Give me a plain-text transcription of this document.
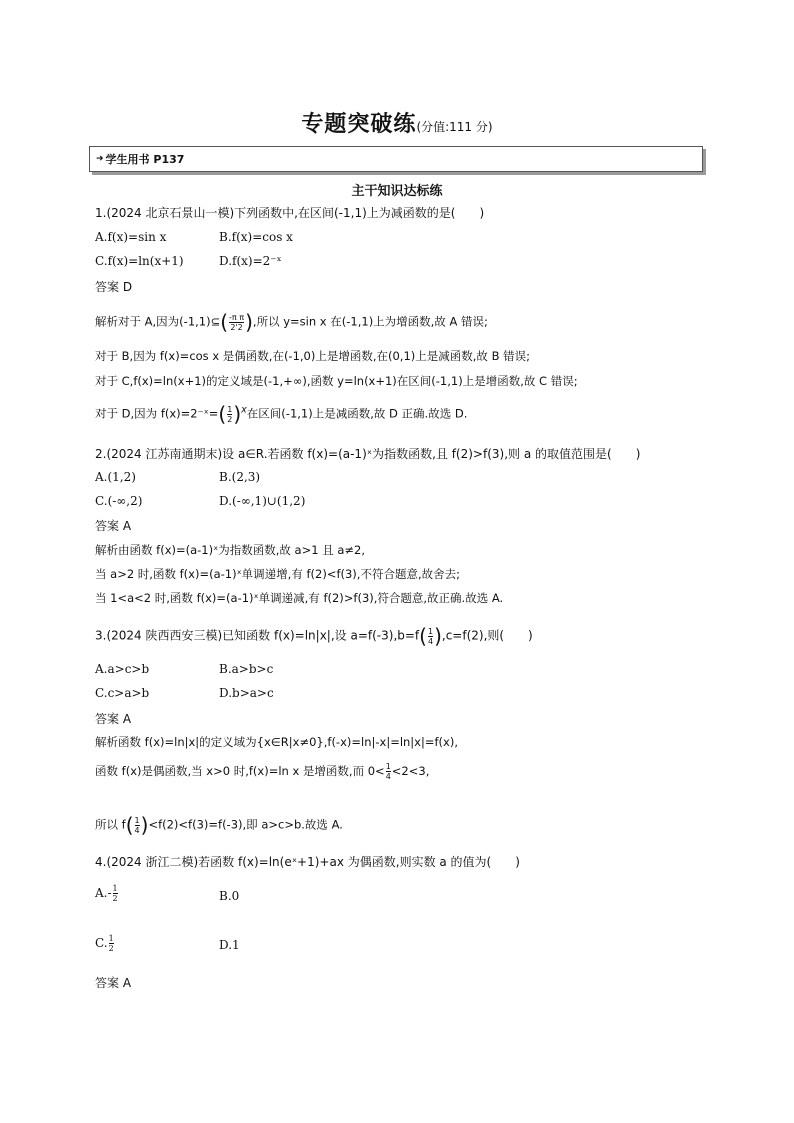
专题突破练(分值:111 分)
➜ 学生用书 P137
主干知识达标练
1.(2024 北京石景山一模)下列函数中,在区间(-1,1)上为减函数的是(　　)
A.f(x)=sin x	B.f(x)=cos x
C.f(x)=ln(x+1)	D.f(x)=2⁻ˣ
答案 D
解析对于 A,因为(-1,1)⊆( $\frac{\text{-π π}}{2'2}$ ),所以 y=sin x 在(-1,1)上为增函数,故 A 错误;
对于 B,因为 f(x)=cos x 是偶函数,在(-1,0)上是增函数,在(0,1)上是减函数,故 B 错误;
对于 C,f(x)=ln(x+1)的定义域是(-1,+∞),函数 y=ln(x+1)在区间(-1,1)上是增函数,故 C 错误;
对于 D,因为 f(x)=2⁻ˣ=( $\frac{1}{2} )^x$在区间(-1,1)上是减函数,故 D 正确.故选 D.
2.(2024 江苏南通期末)设 a∈R.若函数 f(x)=(a-1)ˣ为指数函数,且 f(2)>f(3),则 a 的取值范围是(　　)
A.(1,2)	B.(2,3)
C.(-∞,2)	D.(-∞,1)∪(1,2)
答案 A
解析由函数 f(x)=(a-1)ˣ为指数函数,故 a>1 且 a≠2,
当 a>2 时,函数 f(x)=(a-1)ˣ单调递增,有 f(2)<f(3),不符合题意,故舍去;
当 1<a<2 时,函数 f(x)=(a-1)ˣ单调递减,有 f(2)>f(3),符合题意,故正确.故选 A.
3.(2024 陕西西安三模)已知函数 f(x)=ln|x|,设 $a=f(-3),b=f( \frac{1}{4} ),c=f(2)$,则(　　)
A.a>c>b	B.a>b>c
C.c>a>b	D.b>a>c
答案 A
解析函数 f(x)=ln|x|的定义域为{x∈R|x≠0},f(-x)=ln|-x|=ln|x|=f(x),
函数 f(x)是偶函数,当 x>0 时,f(x)=ln x 是增函数,而 $0< \frac{1}{4} <2<3$,
所以 $f( \frac{1}{4} )<f(2)<f(3)=f(-3)$,即 a>c>b.故选 A.
4.(2024 浙江二模)若函数 f(x)=ln(eˣ+1)+ax 为偶函数,则实数 a 的值为(　　)
$A.- \frac{1}{2}$	B.0
C. $\frac{1}{2}$	D.1
答案 A
